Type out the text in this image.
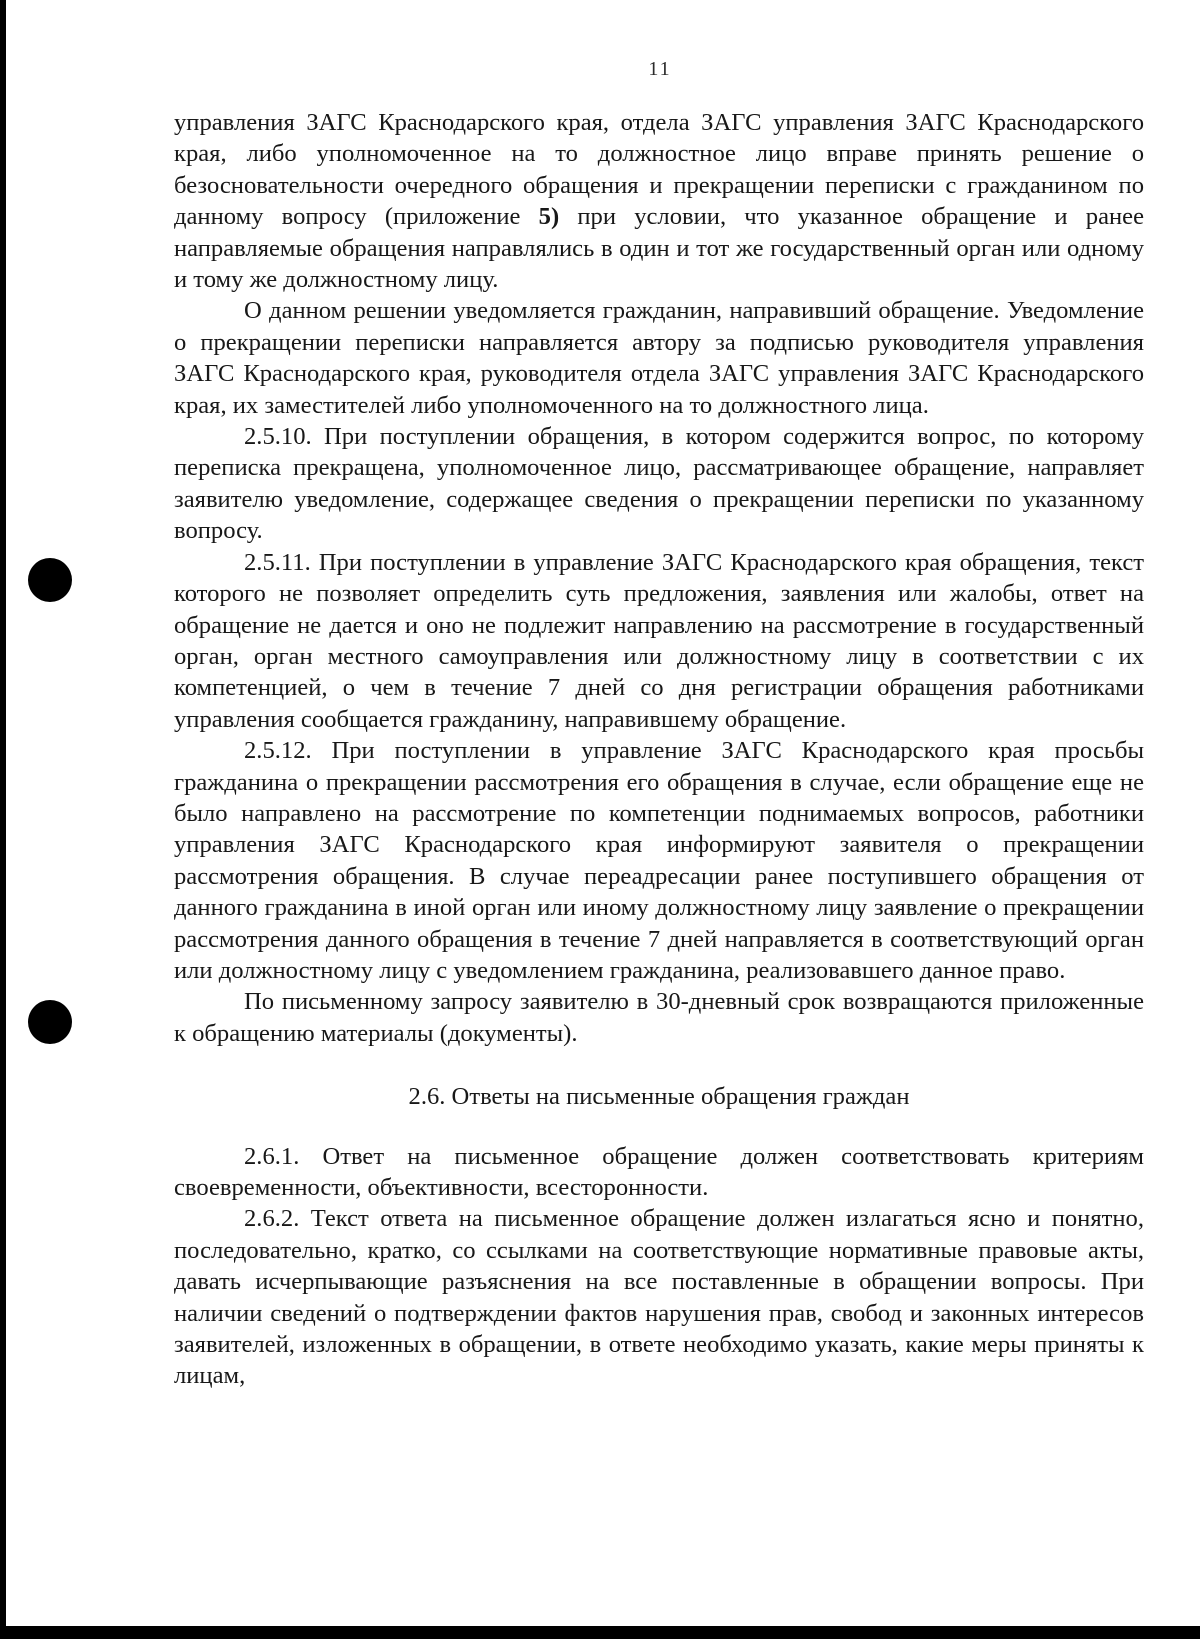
11

управления ЗАГС Краснодарского края, отдела ЗАГС управления ЗАГС Краснодарского края, либо уполномоченное на то должностное лицо вправе принять решение о безосновательности очередного обращения и прекращении переписки с гражданином по данному вопросу (приложение 5) при условии, что указанное обращение и ранее направляемые обращения направлялись в один и тот же государственный орган или одному и тому же должностному лицу.

О данном решении уведомляется гражданин, направивший обращение. Уведомление о прекращении переписки направляется автору за подписью руководителя управления ЗАГС Краснодарского края, руководителя отдела ЗАГС управления ЗАГС Краснодарского края, их заместителей либо уполномоченного на то должностного лица.

2.5.10. При поступлении обращения, в котором содержится вопрос, по которому переписка прекращена, уполномоченное лицо, рассматривающее обращение, направляет заявителю уведомление, содержащее сведения о прекращении переписки по указанному вопросу.

2.5.11. При поступлении в управление ЗАГС Краснодарского края обращения, текст которого не позволяет определить суть предложения, заявления или жалобы, ответ на обращение не дается и оно не подлежит направлению на рассмотрение в государственный орган, орган местного самоуправления или должностному лицу в соответствии с их компетенцией, о чем в течение 7 дней со дня регистрации обращения работниками управления сообщается гражданину, направившему обращение.

2.5.12. При поступлении в управление ЗАГС Краснодарского края просьбы гражданина о прекращении рассмотрения его обращения в случае, если обращение еще не было направлено на рассмотрение по компетенции поднимаемых вопросов, работники управления ЗАГС Краснодарского края информируют заявителя о прекращении рассмотрения обращения. В случае переадресации ранее поступившего обращения от данного гражданина в иной орган или иному должностному лицу заявление о прекращении рассмотрения данного обращения в течение 7 дней направляется в соответствующий орган или должностному лицу с уведомлением гражданина, реализовавшего данное право.

По письменному запросу заявителю в 30-дневный срок возвращаются приложенные к обращению материалы (документы).

2.6. Ответы на письменные обращения граждан

2.6.1. Ответ на письменное обращение должен соответствовать критериям своевременности, объективности, всесторонности.

2.6.2. Текст ответа на письменное обращение должен излагаться ясно и понятно, последовательно, кратко, со ссылками на соответствующие нормативные правовые акты, давать исчерпывающие разъяснения на все поставленные в обращении вопросы. При наличии сведений о подтверждении фактов нарушения прав, свобод и законных интересов заявителей, изложенных в обращении, в ответе необходимо указать, какие меры приняты к лицам,
